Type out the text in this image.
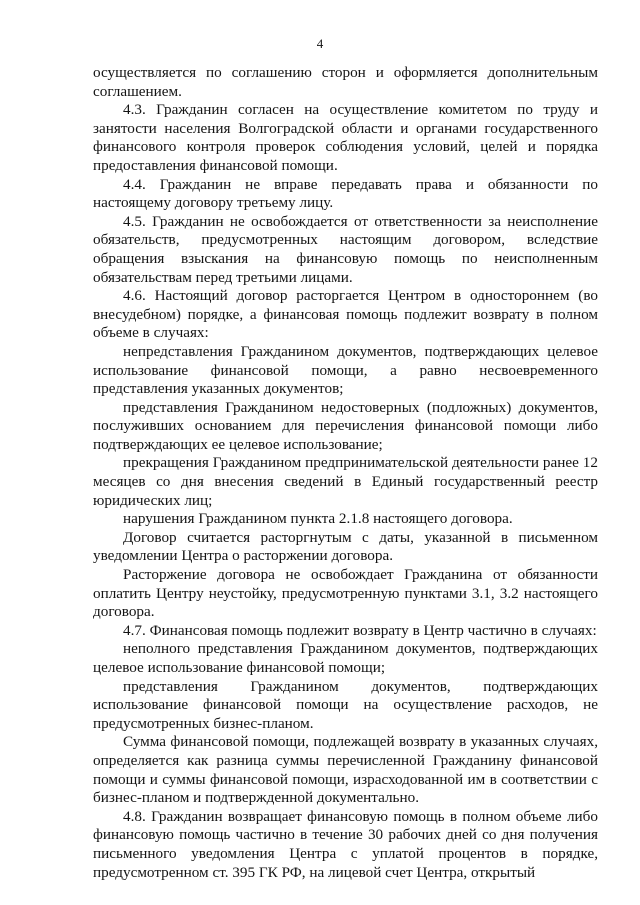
4

осуществляется по соглашению сторон и оформляется дополнительным соглашением.

4.3. Гражданин согласен на осуществление комитетом по труду и занятости населения Волгоградской области и органами государственного финансового контроля проверок соблюдения условий, целей и порядка предоставления финансовой помощи.

4.4. Гражданин не вправе передавать права и обязанности по настоящему договору третьему лицу.

4.5. Гражданин не освобождается от ответственности за неисполнение обязательств, предусмотренных настоящим договором, вследствие обращения взыскания на финансовую помощь по неисполненным обязательствам перед третьими лицами.

4.6. Настоящий договор расторгается Центром в одностороннем (во внесудебном) порядке, а финансовая помощь подлежит возврату в полном объеме в случаях:

непредставления Гражданином документов, подтверждающих целевое использование финансовой помощи, а равно несвоевременного представления указанных документов;

представления Гражданином недостоверных (подложных) документов, послуживших основанием для перечисления финансовой помощи либо подтверждающих ее целевое использование;

прекращения Гражданином предпринимательской деятельности ранее 12 месяцев со дня внесения сведений в Единый государственный реестр юридических лиц;

нарушения Гражданином пункта 2.1.8 настоящего договора.

Договор считается расторгнутым с даты, указанной в письменном уведомлении Центра о расторжении договора.

Расторжение договора не освобождает Гражданина от обязанности оплатить Центру неустойку, предусмотренную пунктами 3.1, 3.2 настоящего договора.

4.7. Финансовая помощь подлежит возврату в Центр частично в случаях:

неполного представления Гражданином документов, подтверждающих целевое использование финансовой помощи;

представления Гражданином документов, подтверждающих использование финансовой помощи на осуществление расходов, не предусмотренных бизнес-планом.

Сумма финансовой помощи, подлежащей возврату в указанных случаях, определяется как разница суммы перечисленной Гражданину финансовой помощи и суммы финансовой помощи, израсходованной им в соответствии с бизнес-планом и подтвержденной документально.

4.8. Гражданин возвращает финансовую помощь в полном объеме либо финансовую помощь частично в течение 30 рабочих дней со дня получения письменного уведомления Центра с уплатой процентов в порядке, предусмотренном ст. 395 ГК РФ, на лицевой счет Центра, открытый
